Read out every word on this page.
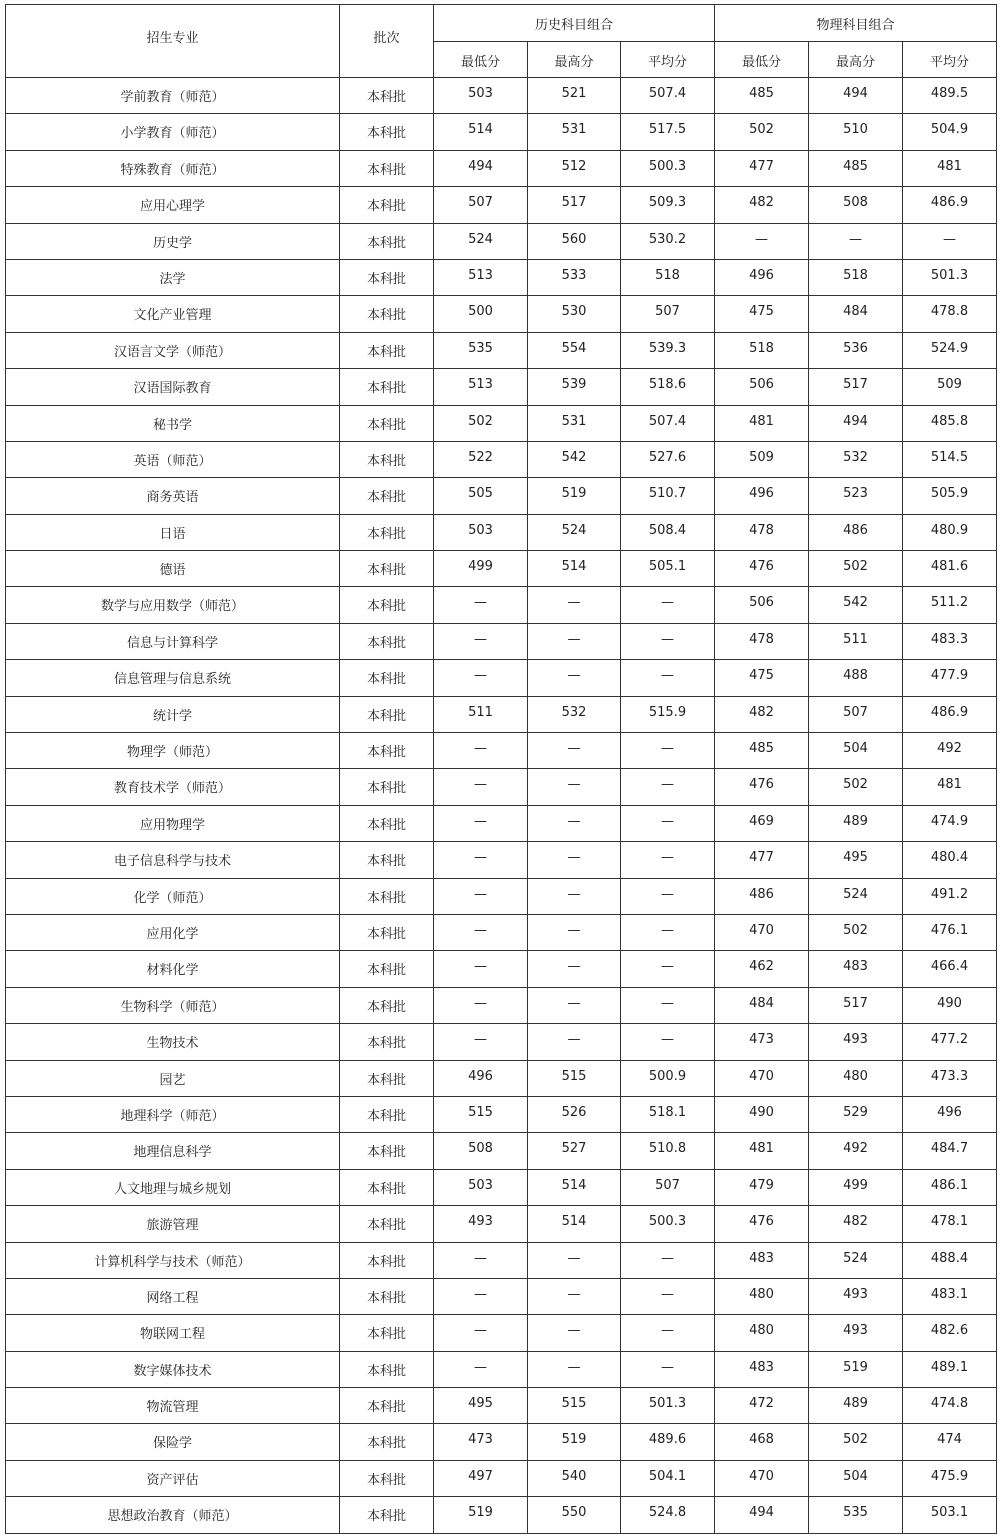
招生专业	批次	历史科目组合			物理科目组合		
		最低分	最高分	平均分	最低分	最高分	平均分
学前教育（师范）	本科批	503	521	507.4	485	494	489.5
小学教育（师范）	本科批	514	531	517.5	502	510	504.9
特殊教育（师范）	本科批	494	512	500.3	477	485	481
应用心理学	本科批	507	517	509.3	482	508	486.9
历史学	本科批	524	560	530.2	—	—	—
法学	本科批	513	533	518	496	518	501.3
文化产业管理	本科批	500	530	507	475	484	478.8
汉语言文学（师范）	本科批	535	554	539.3	518	536	524.9
汉语国际教育	本科批	513	539	518.6	506	517	509
秘书学	本科批	502	531	507.4	481	494	485.8
英语（师范）	本科批	522	542	527.6	509	532	514.5
商务英语	本科批	505	519	510.7	496	523	505.9
日语	本科批	503	524	508.4	478	486	480.9
德语	本科批	499	514	505.1	476	502	481.6
数学与应用数学（师范）	本科批	—	—	—	506	542	511.2
信息与计算科学	本科批	—	—	—	478	511	483.3
信息管理与信息系统	本科批	—	—	—	475	488	477.9
统计学	本科批	511	532	515.9	482	507	486.9
物理学（师范）	本科批	—	—	—	485	504	492
教育技术学（师范）	本科批	—	—	—	476	502	481
应用物理学	本科批	—	—	—	469	489	474.9
电子信息科学与技术	本科批	—	—	—	477	495	480.4
化学（师范）	本科批	—	—	—	486	524	491.2
应用化学	本科批	—	—	—	470	502	476.1
材料化学	本科批	—	—	—	462	483	466.4
生物科学（师范）	本科批	—	—	—	484	517	490
生物技术	本科批	—	—	—	473	493	477.2
园艺	本科批	496	515	500.9	470	480	473.3
地理科学（师范）	本科批	515	526	518.1	490	529	496
地理信息科学	本科批	508	527	510.8	481	492	484.7
人文地理与城乡规划	本科批	503	514	507	479	499	486.1
旅游管理	本科批	493	514	500.3	476	482	478.1
计算机科学与技术（师范）	本科批	—	—	—	483	524	488.4
网络工程	本科批	—	—	—	480	493	483.1
物联网工程	本科批	—	—	—	480	493	482.6
数字媒体技术	本科批	—	—	—	483	519	489.1
物流管理	本科批	495	515	501.3	472	489	474.8
保险学	本科批	473	519	489.6	468	502	474
资产评估	本科批	497	540	504.1	470	504	475.9
思想政治教育（师范）	本科批	519	550	524.8	494	535	503.1
